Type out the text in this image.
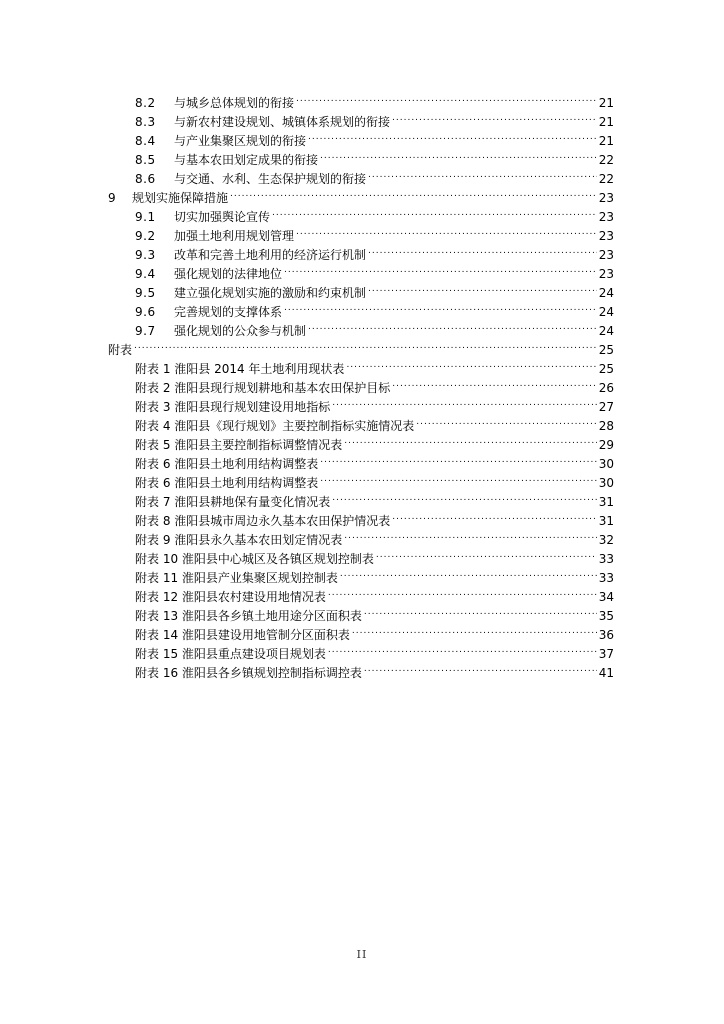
8.2	与城乡总体规划的衔接 .....	21
8.3	与新农村建设规划、城镇体系规划的衔接 .....	21
8.4	与产业集聚区规划的衔接 .....	21
8.5	与基本农田划定成果的衔接 .....	22
8.6	与交通、水利、生态保护规划的衔接 .....	22
9	规划实施保障措施 .....	23
9.1	切实加强舆论宣传 .....	23
9.2	加强土地利用规划管理 .....	23
9.3	改革和完善土地利用的经济运行机制 .....	23
9.4	强化规划的法律地位 .....	23
9.5	建立强化规划实施的激励和约束机制 .....	24
9.6	完善规划的支撑体系 .....	24
9.7	强化规划的公众参与机制 .....	24
附表 .....	25
附表 1 淮阳县 2014 年土地利用现状表 .....	25
附表 2 淮阳县现行规划耕地和基本农田保护目标 .....	26
附表 3 淮阳县现行规划建设用地指标 .....	27
附表 4 淮阳县《现行规划》主要控制指标实施情况表 .....	28
附表 5 淮阳县主要控制指标调整情况表 .....	29
附表 6 淮阳县土地利用结构调整表 .....	30
附表 6 淮阳县土地利用结构调整表 .....	30
附表 7 淮阳县耕地保有量变化情况表 .....	31
附表 8 淮阳县城市周边永久基本农田保护情况表 .....	31
附表 9 淮阳县永久基本农田划定情况表 .....	32
附表 10 淮阳县中心城区及各镇区规划控制表 .....	33
附表 11 淮阳县产业集聚区规划控制表 .....	33
附表 12 淮阳县农村建设用地情况表 .....	34
附表 13 淮阳县各乡镇土地用途分区面积表 .....	35
附表 14 淮阳县建设用地管制分区面积表 .....	36
附表 15 淮阳县重点建设项目规划表 .....	37
附表 16 淮阳县各乡镇规划控制指标调控表 .....	41
II
